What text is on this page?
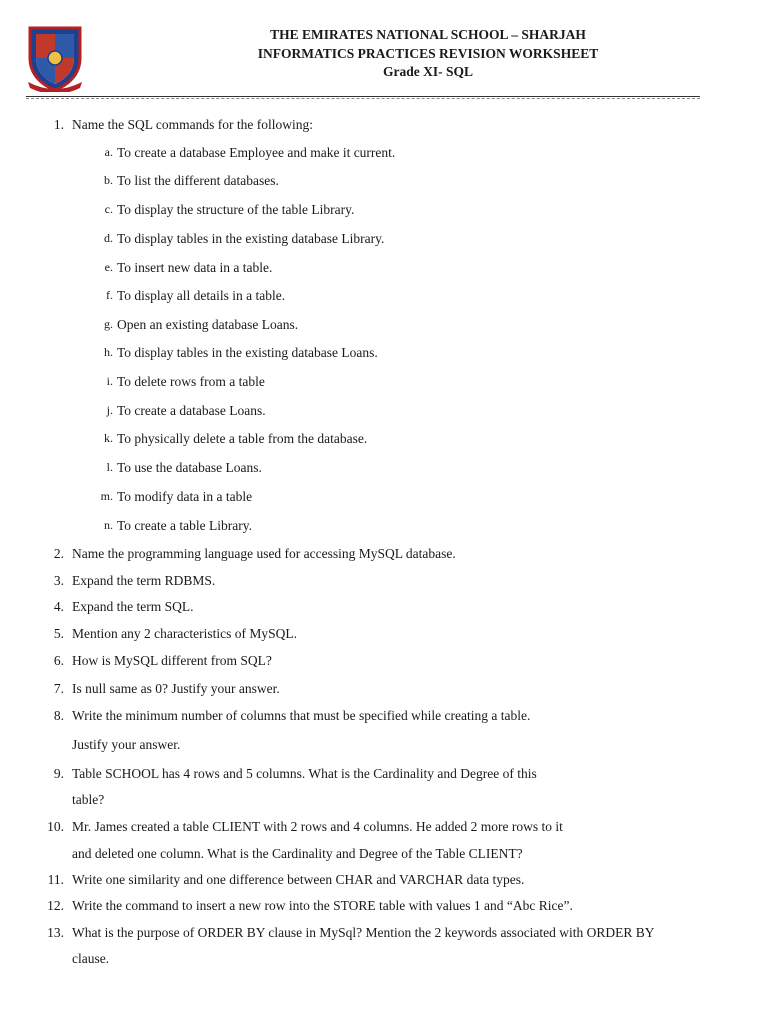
THE EMIRATES NATIONAL SCHOOL – SHARJAH
INFORMATICS PRACTICES REVISION WORKSHEET
Grade XI- SQL
1. Name the SQL commands for the following:
a. To create a database Employee and make it current.
b. To list the different databases.
c. To display the structure of the table Library.
d. To display tables in the existing database Library.
e. To insert new data in a table.
f. To display all details in a table.
g. Open an existing database Loans.
h. To display tables in the existing database Loans.
i. To delete rows from a table
j. To create a database Loans.
k. To physically delete a table from the database.
l. To use the database Loans.
m. To modify data in a table
n. To create a table Library.
2. Name the programming language used for accessing MySQL database.
3. Expand the term RDBMS.
4. Expand the term SQL.
5. Mention any 2 characteristics of MySQL.
6. How is MySQL different from SQL?
7. Is null same as 0? Justify your answer.
8. Write the minimum number of columns that must be specified while creating a table.
Justify your answer.
9. Table SCHOOL has 4 rows and 5 columns. What is the Cardinality and Degree of this
table?
10. Mr. James created a table CLIENT with 2 rows and 4 columns. He added 2 more rows to it
and deleted one column. What is the Cardinality and Degree of the Table CLIENT?
11. Write one similarity and one difference between CHAR and VARCHAR data types.
12. Write the command to insert a new row into the STORE table with values 1 and “Abc Rice”.
13. What is the purpose of ORDER BY clause in MySql? Mention the 2 keywords associated with ORDER BY
clause.
